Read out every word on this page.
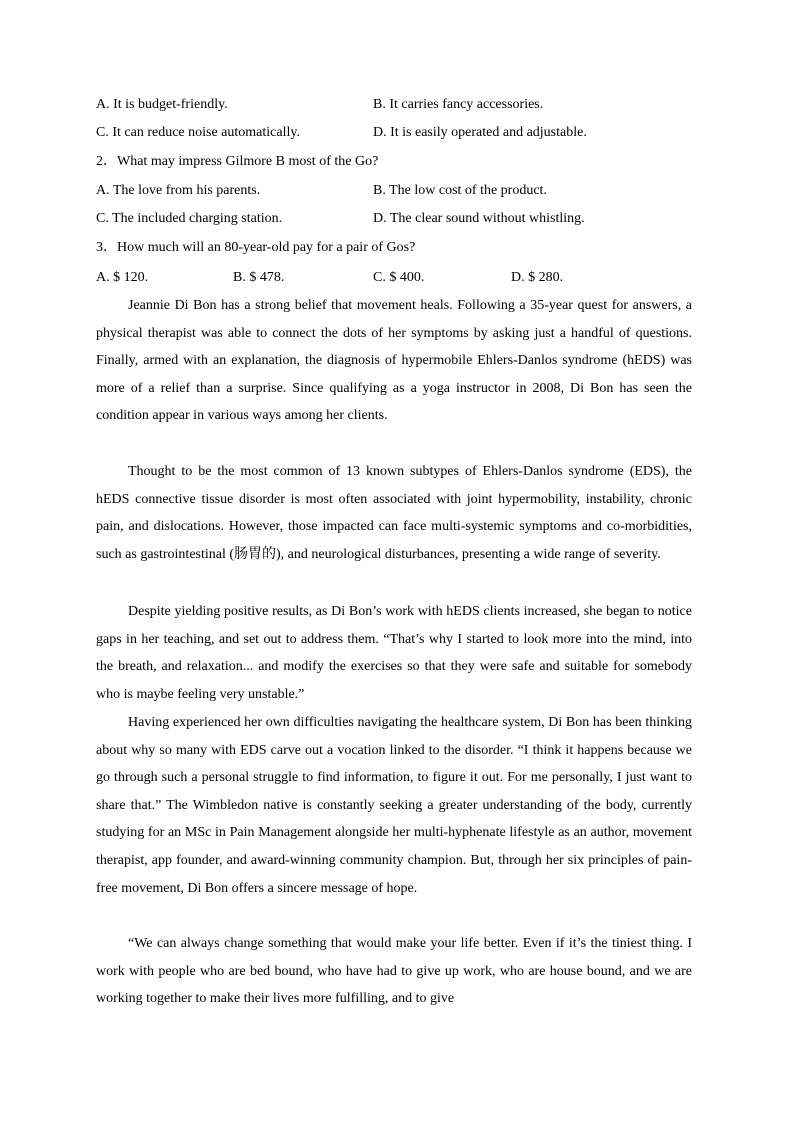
A. It is budget-friendly.	B. It carries fancy accessories.
C. It can reduce noise automatically.	D. It is easily operated and adjustable.
2．What may impress Gilmore B most of the Go?
A. The love from his parents.	B. The low cost of the product.
C. The included charging station.	D. The clear sound without whistling.
3．How much will an 80-year-old pay for a pair of Gos?
A. $ 120.	B. $ 478.	C. $ 400.	D. $ 280.

Jeannie Di Bon has a strong belief that movement heals. Following a 35-year quest for answers, a physical therapist was able to connect the dots of her symptoms by asking just a handful of questions. Finally, armed with an explanation, the diagnosis of hypermobile Ehlers-Danlos syndrome (hEDS) was more of a relief than a surprise. Since qualifying as a yoga instructor in 2008, Di Bon has seen the condition appear in various ways among her clients.

Thought to be the most common of 13 known subtypes of Ehlers-Danlos syndrome (EDS), the hEDS connective tissue disorder is most often associated with joint hypermobility, instability, chronic pain, and dislocations. However, those impacted can face multi-systemic symptoms and co-morbidities, such as gastrointestinal (肠胃的), and neurological disturbances, presenting a wide range of severity.

Despite yielding positive results, as Di Bon’s work with hEDS clients increased, she began to notice gaps in her teaching, and set out to address them. “That’s why I started to look more into the mind, into the breath, and relaxation... and modify the exercises so that they were safe and suitable for somebody who is maybe feeling very unstable.”

Having experienced her own difficulties navigating the healthcare system, Di Bon has been thinking about why so many with EDS carve out a vocation linked to the disorder. “I think it happens because we go through such a personal struggle to find information, to figure it out. For me personally, I just want to share that.” The Wimbledon native is constantly seeking a greater understanding of the body, currently studying for an MSc in Pain Management alongside her multi-hyphenate lifestyle as an author, movement therapist, app founder, and award-winning community champion. But, through her six principles of pain-free movement, Di Bon offers a sincere message of hope.

“We can always change something that would make your life better. Even if it’s the tiniest thing. I work with people who are bed bound, who have had to give up work, who are house bound, and we are working together to make their lives more fulfilling, and to give
